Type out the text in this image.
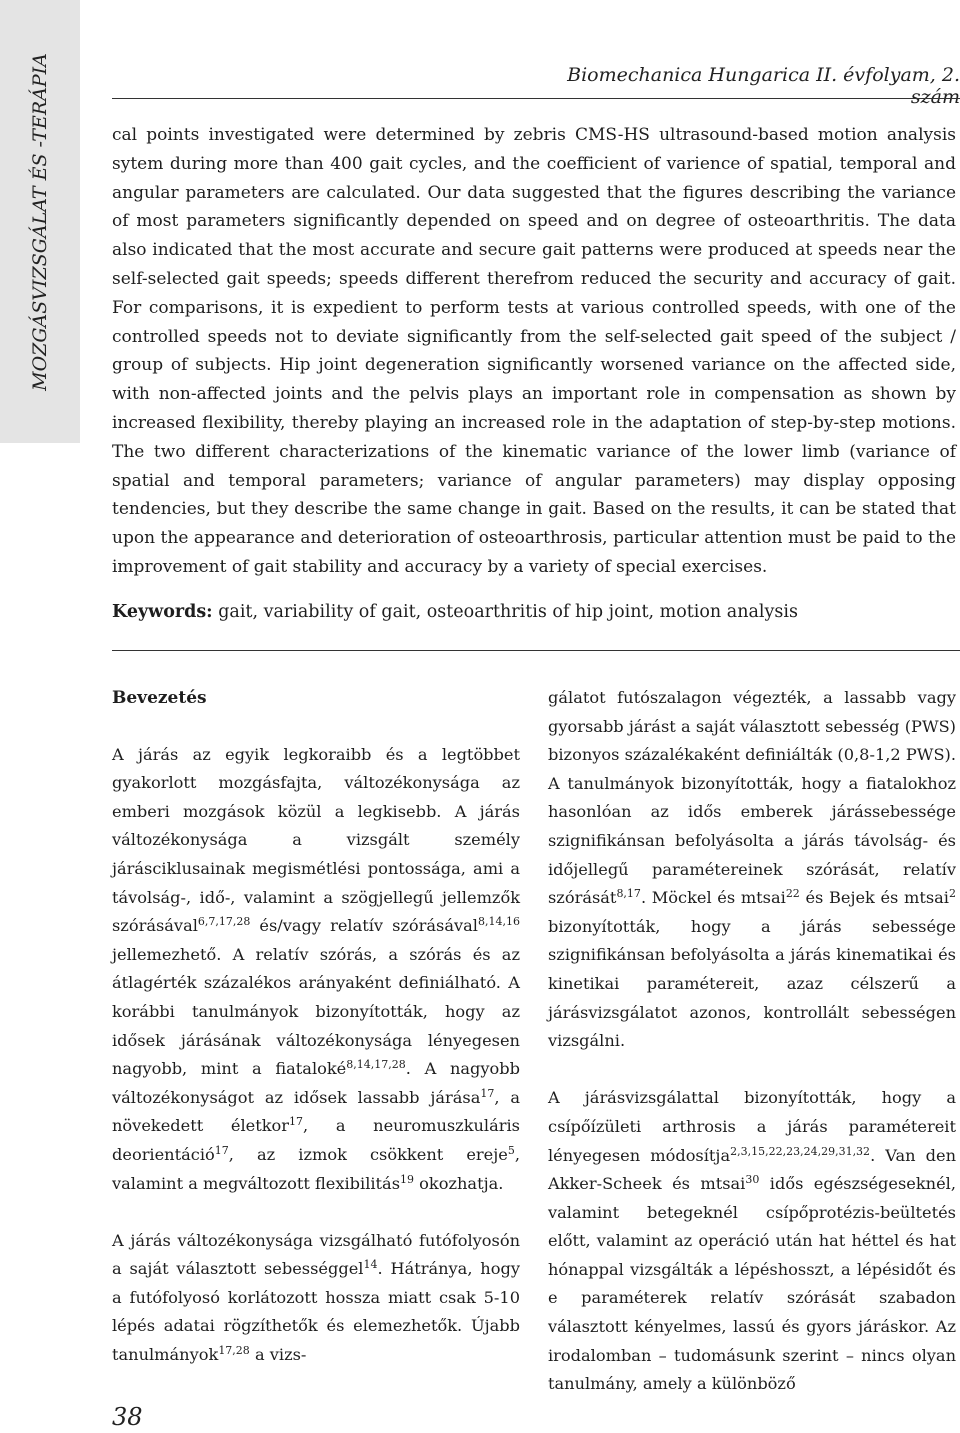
MOZGÁSVIZSGÁLAT ÉS -TERÁPIA	Biomechanica Hungarica II. évfolyam, 2. szám

cal points investigated were determined by zebris CMS-HS ultrasound-based motion analysis sytem during more than 400 gait cycles, and the coefficient of varience of spatial, temporal and angular parameters are calculated. Our data suggested that the figures describing the variance of most parameters significantly depended on speed and on degree of osteoarthritis. The data also indicated that the most accurate and secure gait patterns were produced at speeds near the self-selected gait speeds; speeds different therefrom reduced the security and accuracy of gait. For comparisons, it is expedient to perform tests at various controlled speeds, with one of the controlled speeds not to deviate significantly from the self-selected gait speed of the subject / group of subjects. Hip joint degeneration significantly worsened variance on the affected side, with non-affected joints and the pelvis plays an important role in compensation as shown by increased flexibility, thereby playing an increased role in the adaptation of step-by-step motions. The two different characterizations of the kinematic variance of the lower limb (variance of spatial and temporal parameters; variance of angular parameters) may display opposing tendencies, but they describe the same change in gait. Based on the results, it can be stated that upon the appearance and deterioration of osteoarthrosis, particular attention must be paid to the improvement of gait stability and accuracy by a variety of special exercises.

Keywords: gait, variability of gait, osteoarthritis of hip joint, motion analysis

Bevezetés

A járás az egyik legkoraibb és a legtöbbet gyakorlott mozgásfajta, változékonysága az emberi mozgások közül a legkisebb. A járás változékonysága a vizsgált személy járásciklusainak megismétlési pontossága, ami a távolság-, idő-, valamint a szögjellegű jellemzők szórásával$^{6,7,17,28}$ és/vagy relatív szórásával$^{8,14,16}$ jellemezhető. A relatív szórás, a szórás és az átlagérték százalékos arányaként definiálható. A korábbi tanulmányok bizonyították, hogy az idősek járásának változékonysága lényegesen nagyobb, mint a fiataloké$^{8,14,17,28}$. A nagyobb változékonyságot az idősek lassabb járása$^{17}$, a növekedett életkor$^{17}$, a neuromuszkuláris deorientáció$^{17}$, az izmok csökkent ereje$^5$, valamint a megváltozott flexibilitás$^{19}$ okozhatja.

A járás változékonysága vizsgálható futófolyosón a saját választott sebességgel$^{14}$. Hátránya, hogy a futófolyosó korlátozott hossza miatt csak 5-10 lépés adatai rögzíthetők és elemezhetők. Újabb tanulmányok$^{17,28}$ a vizs-

gálatot futószalagon végezték, a lassabb vagy gyorsabb járást a saját választott sebesség (PWS) bizonyos százalékaként definiálták (0,8-1,2 PWS). A tanulmányok bizonyították, hogy a fiatalokhoz hasonlóan az idős emberek járássebessége szignifikánsan befolyásolta a járás távolság- és időjellegű paramétereinek szórását, relatív szórását$^{8,17}$. Möckel és mtsai$^{22}$ és Bejek és mtsai$^2$ bizonyították, hogy a járás sebessége szignifikánsan befolyásolta a járás kinematikai és kinetikai paramétereit, azaz célszerű a járásvizsgálatot azonos, kontrollált sebességen vizsgálni.

A járásvizsgálattal bizonyították, hogy a csípőízületi arthrosis a járás paramétereit lényegesen módosítja$^{2,3,15,22,23,24,29,31,32}$. Van den Akker-Scheek és mtsai$^{30}$ idős egészségeseknél, valamint betegeknél csípőprotézis-beültetés előtt, valamint az operáció után hat héttel és hat hónappal vizsgálták a lépéshosszt, a lépésidőt és e paraméterek relatív szórását szabadon választott kényelmes, lassú és gyors járáskor. Az irodalomban – tudomásunk szerint – nincs olyan tanulmány, amely a különböző

38
